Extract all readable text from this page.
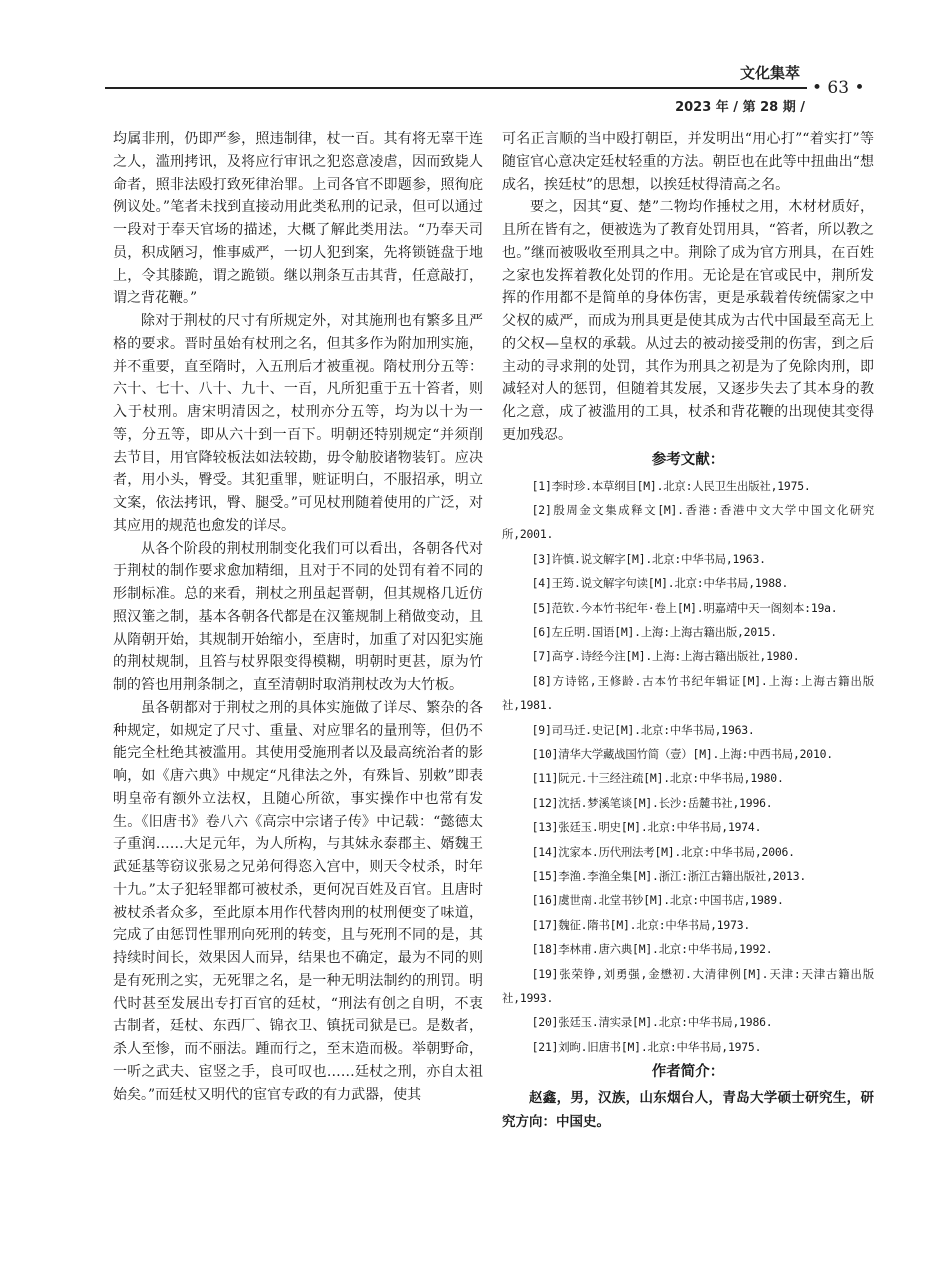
文化集萃
• 63 •
2023 年 / 第 28 期 /

均属非刑，仍即严参，照违制律，杖一百。其有将无辜干连之人，滥刑拷讯，及将应行审讯之犯恣意凌虐，因而致毙人命者，照非法殴打致死律治罪。上司各官不即题参，照徇庇例议处。”笔者未找到直接动用此类私刑的记录，但可以通过一段对于奉天官场的描述，大概了解此类用法。“乃奉天司员，积成陋习，惟事威严，一切人犯到案，先将锁链盘于地上，令其膝跪，谓之跪锁。继以荆条互击其背，任意敲打，谓之背花鞭。”

除对于荆杖的尺寸有所规定外，对其施刑也有繁多且严格的要求。晋时虽始有杖刑之名，但其多作为附加刑实施，并不重要，直至隋时，入五刑后才被重视。隋杖刑分五等：六十、七十、八十、九十、一百，凡所犯重于五十笞者，则入于杖刑。唐宋明清因之，杖刑亦分五等，均为以十为一等，分五等，即从六十到一百下。明朝还特别规定“并须削去节目，用官降较板法如法较勘，毋令觔胶诸物装钉。应决者，用小头，臀受。其犯重罪，赃证明白，不服招承，明立文案，依法拷讯，臀、腿受。”可见杖刑随着使用的广泛，对其应用的规范也愈发的详尽。

从各个阶段的荆杖刑制变化我们可以看出，各朝各代对于荆杖的制作要求愈加精细，且对于不同的处罚有着不同的形制标准。总的来看，荆杖之刑虽起晋朝，但其规格几近仿照汉箠之制，基本各朝各代都是在汉箠规制上稍做变动，且从隋朝开始，其规制开始缩小，至唐时，加重了对囚犯实施的荆杖规制，且笞与杖界限变得模糊，明朝时更甚，原为竹制的笞也用荆条制之，直至清朝时取消荆杖改为大竹板。

虽各朝都对于荆杖之刑的具体实施做了详尽、繁杂的各种规定，如规定了尺寸、重量、对应罪名的量刑等，但仍不能完全杜绝其被滥用。其使用受施刑者以及最高统治者的影响，如《唐六典》中规定“凡律法之外，有殊旨、别敕”即表明皇帝有额外立法权，且随心所欲，事实操作中也常有发生。《旧唐书》卷八六《高宗中宗诸子传》中记载：“懿德太子重润……大足元年，为人所构，与其妹永泰郡主、婿魏王武延基等窃议张易之兄弟何得恣入宫中，则天令杖杀，时年十九。”太子犯轻罪都可被杖杀，更何况百姓及百官。且唐时被杖杀者众多，至此原本用作代替肉刑的杖刑便变了味道，完成了由惩罚性罪刑向死刑的转变，且与死刑不同的是，其持续时间长，效果因人而异，结果也不确定，最为不同的则是有死刑之实，无死罪之名，是一种无明法制约的刑罚。明代时甚至发展出专打百官的廷杖，“刑法有创之自明，不衷古制者，廷杖、东西厂、锦衣卫、镇抚司狱是已。是数者，杀人至惨，而不丽法。踵而行之，至末造而极。举朝野命，一听之武夫、宦竖之手，良可叹也……廷杖之刑，亦自太祖始矣。”而廷杖又明代的宦官专政的有力武器，使其

可名正言顺的当中殴打朝臣，并发明出“用心打”“着实打”等随宦官心意决定廷杖轻重的方法。朝臣也在此等中扭曲出“想成名，挨廷杖”的思想，以挨廷杖得清高之名。

要之，因其“夏、楚”二物均作捶杖之用，木材材质好，且所在皆有之，便被选为了教育处罚用具，“笞者，所以教之也。”继而被吸收至刑具之中。荆除了成为官方刑具，在百姓之家也发挥着教化处罚的作用。无论是在官或民中，荆所发挥的作用都不是简单的身体伤害，更是承载着传统儒家之中父权的威严，而成为刑具更是使其成为古代中国最至高无上的父权—皇权的承载。从过去的被动接受荆的伤害，到之后主动的寻求荆的处罚，其作为刑具之初是为了免除肉刑，即减轻对人的惩罚，但随着其发展，又逐步失去了其本身的教化之意，成了被滥用的工具，杖杀和背花鞭的出现使其变得更加残忍。

参考文献：

[1]李时珍.本草纲目[M].北京:人民卫生出版社,1975.

[2]殷周金文集成释文[M].香港:香港中文大学中国文化研究所,2001.

[3]许慎.说文解字[M].北京:中华书局,1963.

[4]王筠.说文解字句读[M].北京:中华书局,1988.

[5]范钦.今本竹书纪年·卷上[M].明嘉靖中天一阁刻本:19a.

[6]左丘明.国语[M].上海:上海古籍出版,2015.

[7]高亨.诗经今注[M].上海:上海古籍出版社,1980.

[8]方诗铭,王修龄.古本竹书纪年辑证[M].上海:上海古籍出版社,1981.

[9]司马迁.史记[M].北京:中华书局,1963.

[10]清华大学藏战国竹简（壹）[M].上海:中西书局,2010.

[11]阮元.十三经注疏[M].北京:中华书局,1980.

[12]沈括.梦溪笔谈[M].长沙:岳麓书社,1996.

[13]张廷玉.明史[M].北京:中华书局,1974.

[14]沈家本.历代刑法考[M].北京:中华书局,2006.

[15]李渔.李渔全集[M].浙江:浙江古籍出版社,2013.

[16]虞世南.北堂书钞[M].北京:中国书店,1989.

[17]魏征.隋书[M].北京:中华书局,1973.

[18]李林甫.唐六典[M].北京:中华书局,1992.

[19]张荣铮,刘勇强,金懋初.大清律例[M].天津:天津古籍出版社,1993.

[20]张廷玉.清实录[M].北京:中华书局,1986.

[21]刘昫.旧唐书[M].北京:中华书局,1975.

作者简介：

赵鑫，男，汉族，山东烟台人，青岛大学硕士研究生，研究方向：中国史。
